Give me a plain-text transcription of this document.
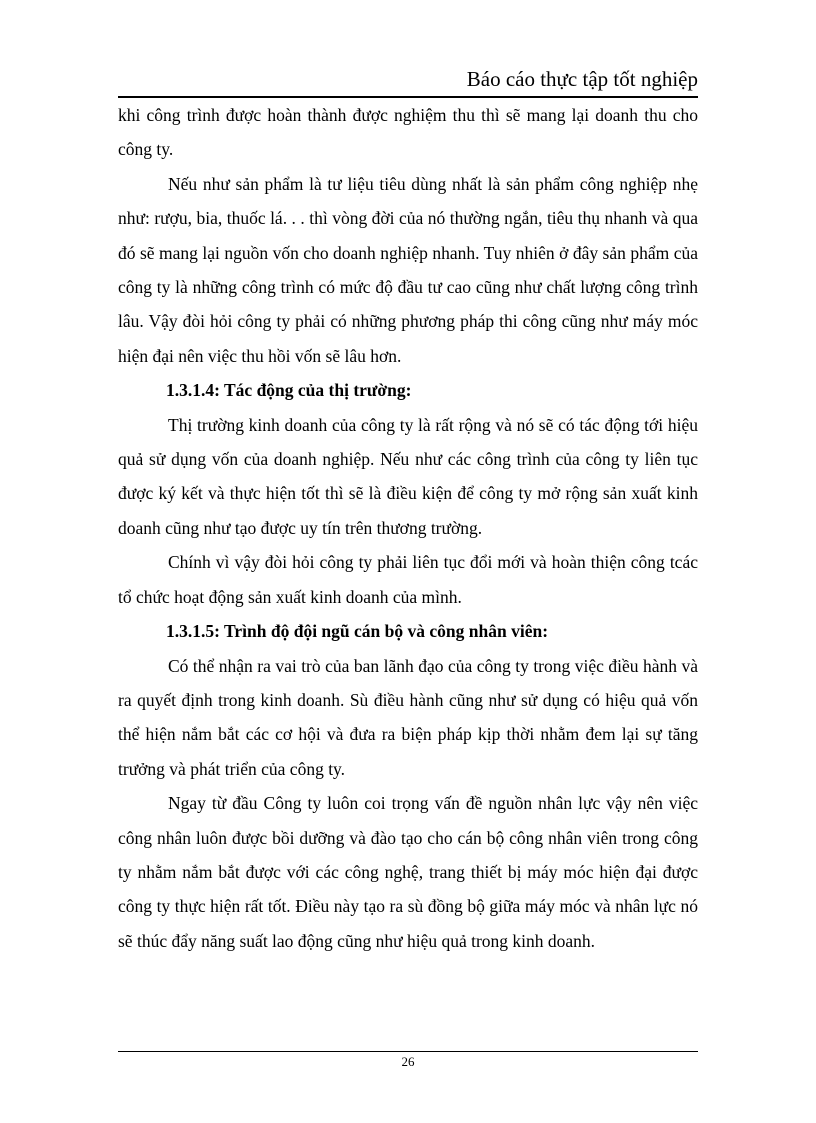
Báo cáo thực tập tốt nghiệp

khi công trình được hoàn thành được nghiệm thu thì sẽ mang lại doanh thu cho công ty.

Nếu như sản phẩm là tư liệu tiêu dùng nhất là sản phẩm công nghiệp nhẹ như: rượu, bia, thuốc lá. . . thì vòng đời của nó thường ngắn, tiêu thụ nhanh và qua đó sẽ mang lại nguồn vốn cho doanh nghiệp nhanh. Tuy nhiên ở đây sản phẩm của công ty là những công trình có mức độ đầu tư cao cũng như chất lượng công trình lâu. Vậy đòi hỏi công ty phải có những phương pháp thi công cũng như máy móc hiện đại nên việc thu hồi vốn sẽ lâu hơn.

1.3.1.4: Tác động của thị trường:

Thị trường kinh doanh của công ty là rất rộng và nó sẽ có tác động tới hiệu quả sử dụng vốn của doanh nghiệp. Nếu như các công trình của công ty liên tục được ký kết và thực hiện tốt thì sẽ là điều kiện để công ty mở rộng sản xuất kinh doanh cũng như tạo được uy tín trên thương trường.

Chính vì vậy đòi hỏi công ty phải liên tục đổi mới và hoàn thiện công tcác tổ chức hoạt động sản xuất kinh doanh của mình.

1.3.1.5: Trình độ đội ngũ cán bộ và công nhân viên:

Có thể nhận ra vai trò của ban lãnh đạo của công ty trong việc điều hành và ra quyết định trong kinh doanh. Sù điều hành cũng như sử dụng có hiệu quả vốn thể hiện nắm bắt các cơ hội và đưa ra biện pháp kịp thời nhằm đem lại sự tăng trưởng và phát triển của công ty.

Ngay từ đầu Công ty luôn coi trọng vấn đề nguồn nhân lực vậy nên việc công nhân luôn được bồi dưỡng và đào tạo cho cán bộ công nhân viên trong công ty nhằm nắm bắt được với các công nghệ, trang thiết bị máy móc hiện đại được công ty thực hiện rất tốt. Điều này tạo ra sù đồng bộ giữa máy móc và nhân lực nó sẽ thúc đẩy năng suất lao động cũng như hiệu quả trong kinh doanh.

26
